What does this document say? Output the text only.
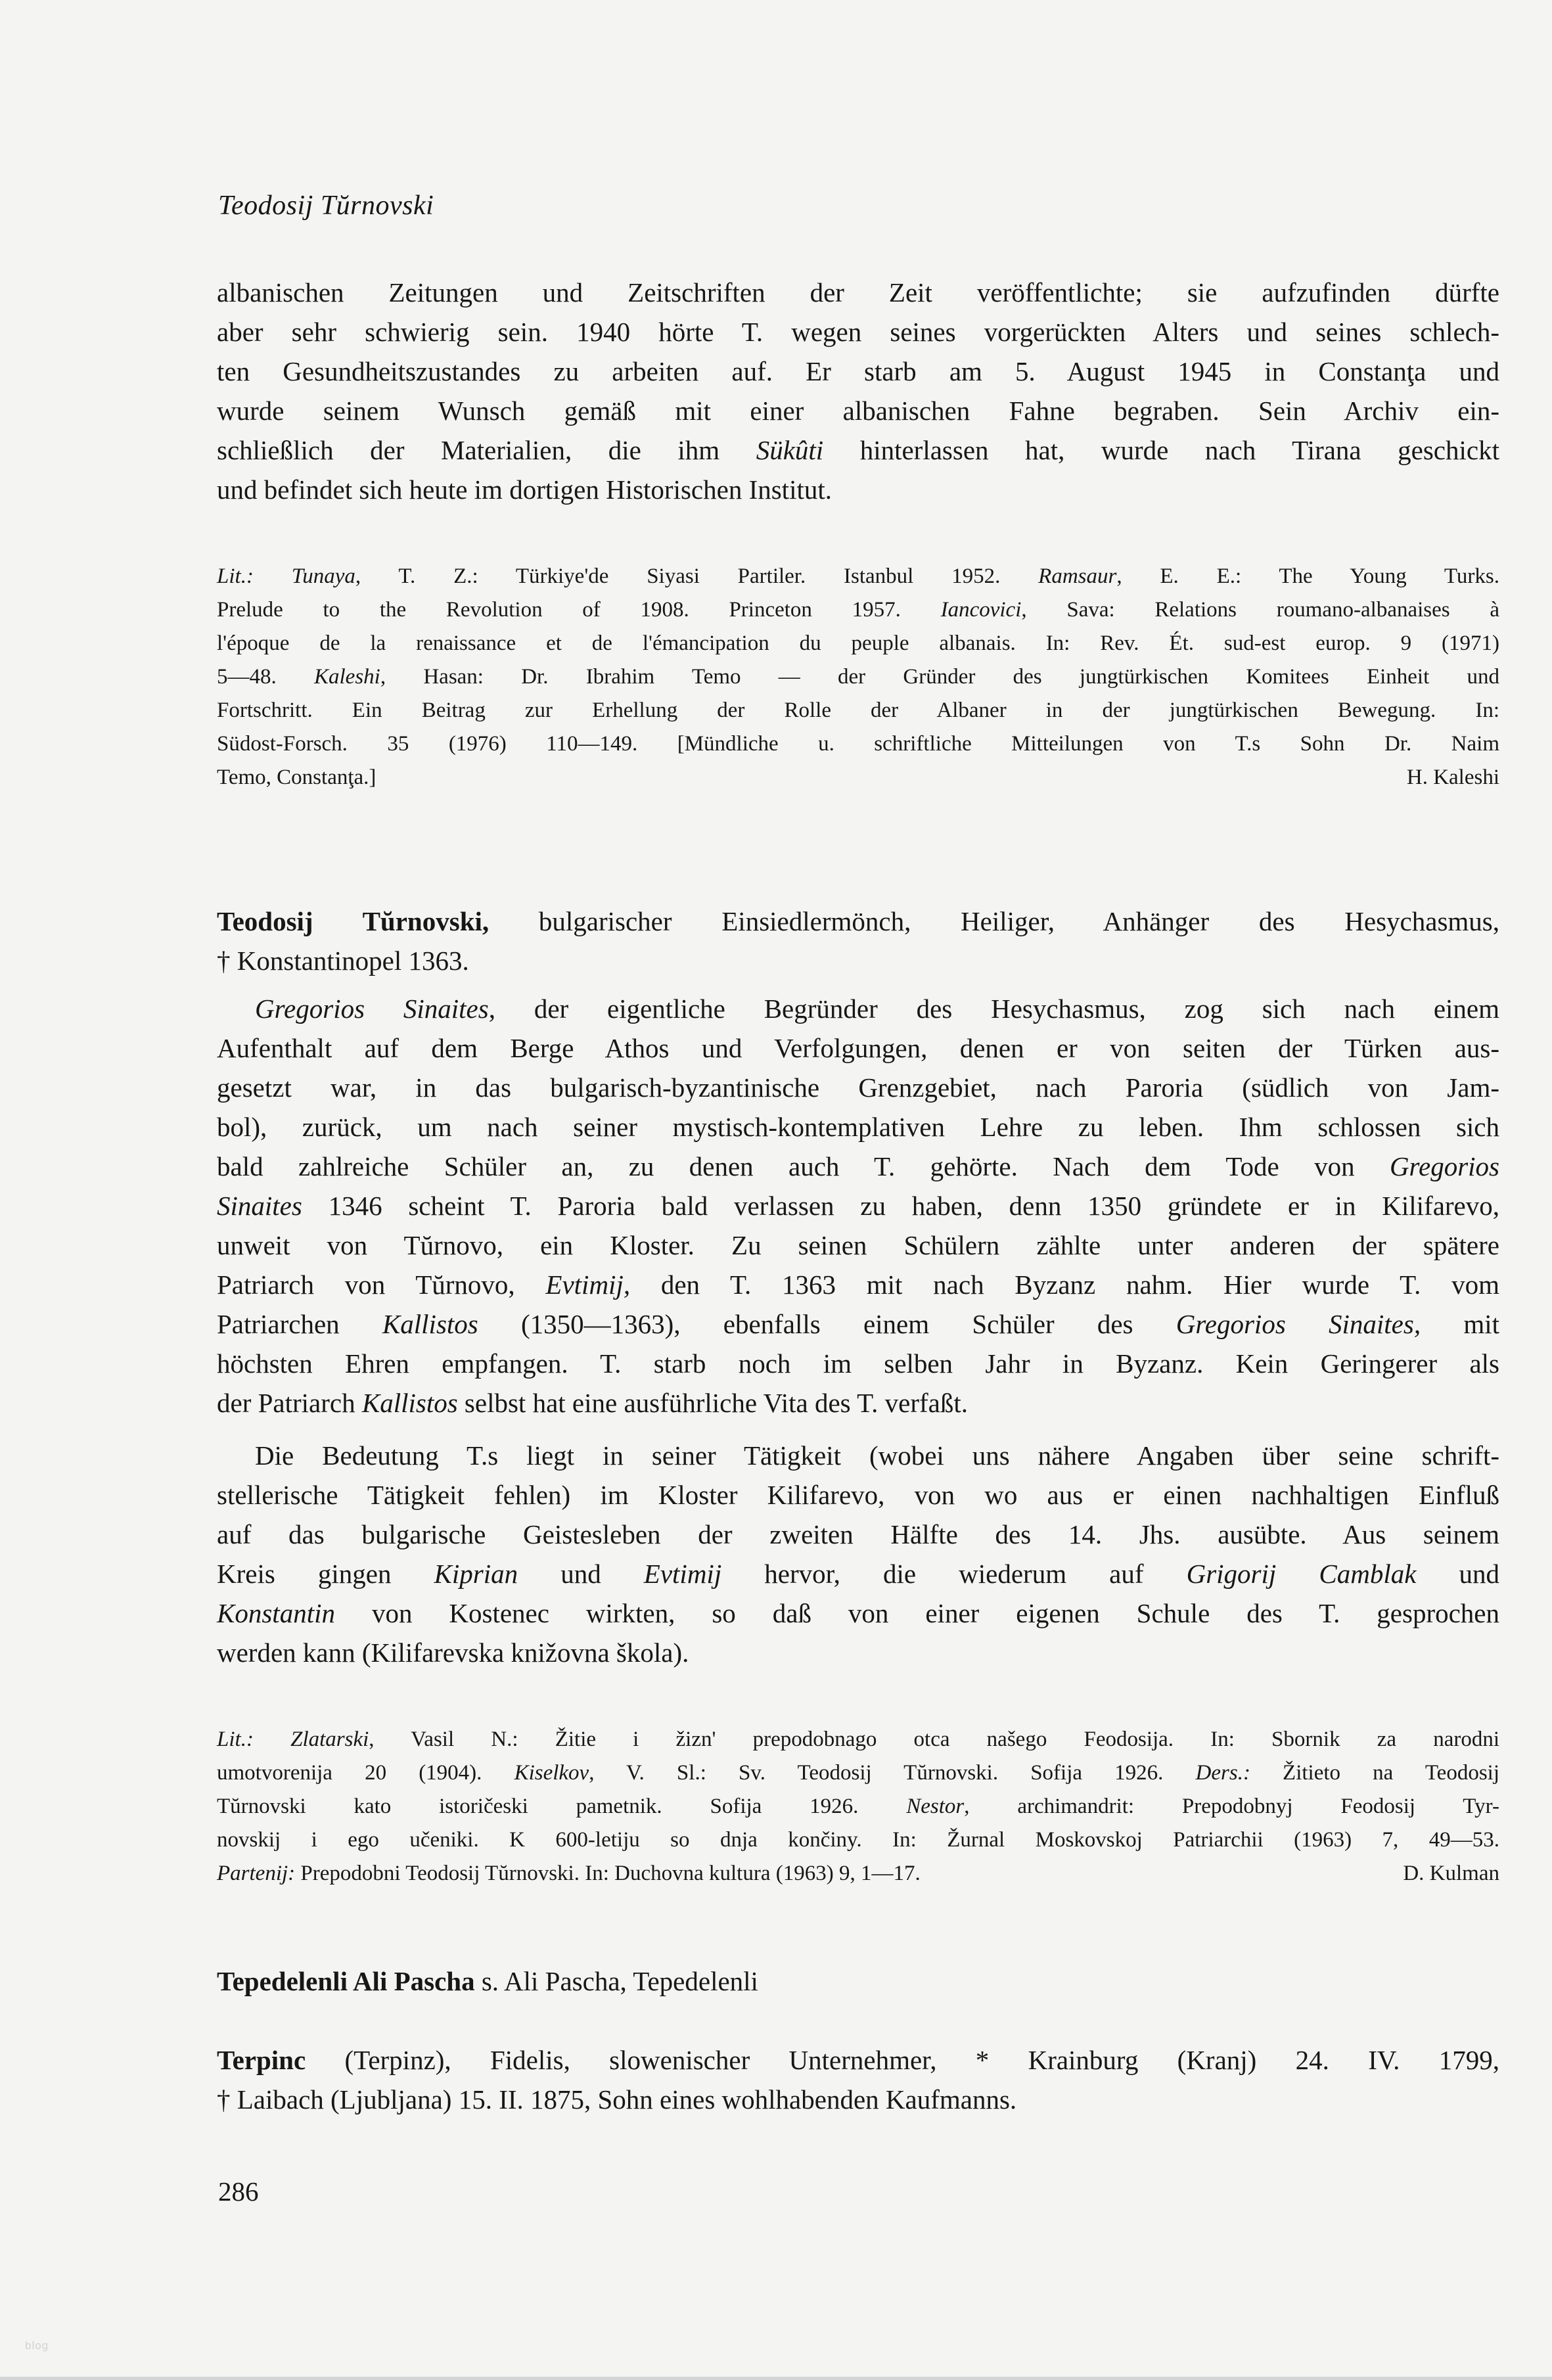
Teodosij Tŭrnovski
albanischen Zeitungen und Zeitschriften der Zeit veröffentlichte; sie aufzufinden dürfte
aber sehr schwierig sein. 1940 hörte T. wegen seines vorgerückten Alters und seines schlech-
ten Gesundheitszustandes zu arbeiten auf. Er starb am 5. August 1945 in Constanţa und
wurde seinem Wunsch gemäß mit einer albanischen Fahne begraben. Sein Archiv ein-
schließlich der Materialien, die ihm Sükûti hinterlassen hat, wurde nach Tirana geschickt
und befindet sich heute im dortigen Historischen Institut.
Lit.: Tunaya, T. Z.: Türkiye'de Siyasi Partiler. Istanbul 1952. Ramsaur, E. E.: The Young Turks.
Prelude to the Revolution of 1908. Princeton 1957. Iancovici, Sava: Relations roumano-albanaises à
l'époque de la renaissance et de l'émancipation du peuple albanais. In: Rev. Ét. sud-est europ. 9 (1971)
5—48. Kaleshi, Hasan: Dr. Ibrahim Temo — der Gründer des jungtürkischen Komitees Einheit und
Fortschritt. Ein Beitrag zur Erhellung der Rolle der Albaner in der jungtürkischen Bewegung. In:
Südost-Forsch. 35 (1976) 110—149. [Mündliche u. schriftliche Mitteilungen von T.s Sohn Dr. Naim
Temo, Constanţa.]	H. Kaleshi
Teodosij Tŭrnovski, bulgarischer Einsiedlermönch, Heiliger, Anhänger des Hesychasmus,
† Konstantinopel 1363.
Gregorios Sinaites, der eigentliche Begründer des Hesychasmus, zog sich nach einem
Aufenthalt auf dem Berge Athos und Verfolgungen, denen er von seiten der Türken aus-
gesetzt war, in das bulgarisch-byzantinische Grenzgebiet, nach Paroria (südlich von Jam-
bol), zurück, um nach seiner mystisch-kontemplativen Lehre zu leben. Ihm schlossen sich
bald zahlreiche Schüler an, zu denen auch T. gehörte. Nach dem Tode von Gregorios
Sinaites 1346 scheint T. Paroria bald verlassen zu haben, denn 1350 gründete er in Kilifarevo,
unweit von Tŭrnovo, ein Kloster. Zu seinen Schülern zählte unter anderen der spätere
Patriarch von Tŭrnovo, Evtimij, den T. 1363 mit nach Byzanz nahm. Hier wurde T. vom
Patriarchen Kallistos (1350—1363), ebenfalls einem Schüler des Gregorios Sinaites, mit
höchsten Ehren empfangen. T. starb noch im selben Jahr in Byzanz. Kein Geringerer als
der Patriarch Kallistos selbst hat eine ausführliche Vita des T. verfaßt.
Die Bedeutung T.s liegt in seiner Tätigkeit (wobei uns nähere Angaben über seine schrift-
stellerische Tätigkeit fehlen) im Kloster Kilifarevo, von wo aus er einen nachhaltigen Einfluß
auf das bulgarische Geistesleben der zweiten Hälfte des 14. Jhs. ausübte. Aus seinem
Kreis gingen Kiprian und Evtimij hervor, die wiederum auf Grigorij Camblak und
Konstantin von Kostenec wirkten, so daß von einer eigenen Schule des T. gesprochen
werden kann (Kilifarevska knižovna škola).
Lit.: Zlatarski, Vasil N.: Žitie i žizn' prepodobnago otca našego Feodosija. In: Sbornik za narodni
umotvorenija 20 (1904). Kiselkov, V. Sl.: Sv. Teodosij Tŭrnovski. Sofija 1926. Ders.: Žitieto na Teodosij
Tŭrnovski kato istoričeski pametnik. Sofija 1926. Nestor, archimandrit: Prepodobnyj Feodosij Tyr-
novskij i ego učeniki. K 600-letiju so dnja končiny. In: Žurnal Moskovskoj Patriarchii (1963) 7, 49—53.
Partenij: Prepodobni Teodosij Tŭrnovski. In: Duchovna kultura (1963) 9, 1—17.	D. Kulman
Tepedelenli Ali Pascha s. Ali Pascha, Tepedelenli
Terpinc (Terpinz), Fidelis, slowenischer Unternehmer, * Krainburg (Kranj) 24. IV. 1799,
† Laibach (Ljubljana) 15. II. 1875, Sohn eines wohlhabenden Kaufmanns.
286
blog
